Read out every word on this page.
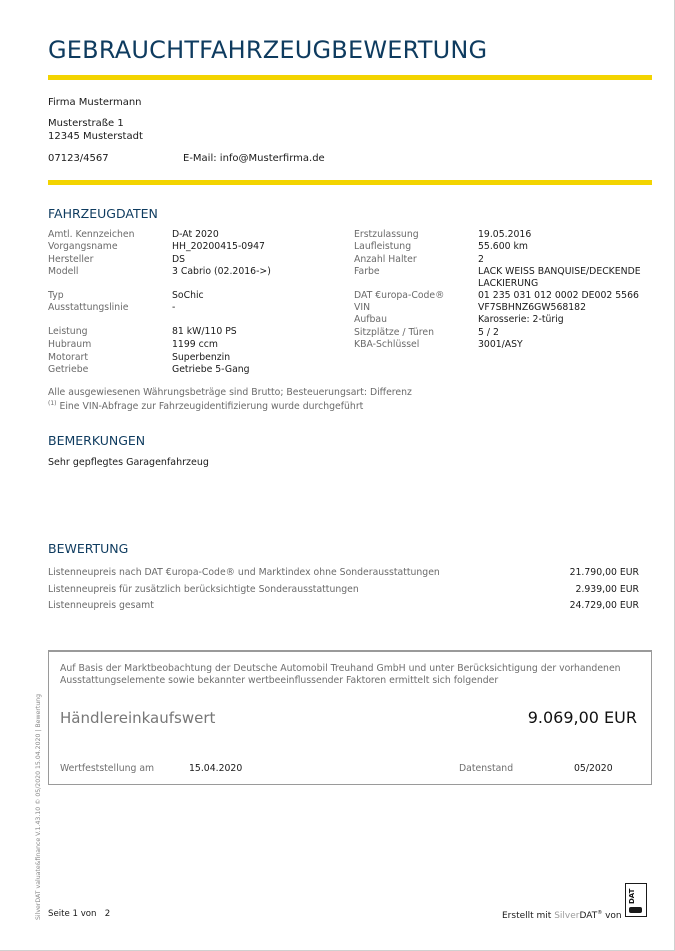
GEBRAUCHTFAHRZEUGBEWERTUNG
Firma Mustermann
Musterstraße 1
12345 Musterstadt
07123/4567	E-Mail: info@Musterfirma.de
FAHRZEUGDATEN
Amtl. Kennzeichen	D-At 2020
Vorgangsname	HH_20200415-0947
Hersteller	DS
Modell	3 Cabrio (02.2016->)
Typ	SoChic
Ausstattungslinie	-
Leistung	81 kW/110 PS
Hubraum	1199 ccm
Motorart	Superbenzin
Getriebe	Getriebe 5-Gang
Erstzulassung	19.05.2016
Laufleistung	55.600 km
Anzahl Halter	2
Farbe	LACK WEISS BANQUISE/DECKENDE
LACKIERUNG
DAT €uropa-Code®	01 235 031 012 0002 DE002 5566
VIN	VF7SBHNZ6GW568182
Aufbau	Karosserie: 2-türig
Sitzplätze / Türen	5 / 2
KBA-Schlüssel	3001/ASY
Alle ausgewiesenen Währungsbeträge sind Brutto; Besteuerungsart: Differenz
$^{(1)}$ Eine VIN-Abfrage zur Fahrzeugidentifizierung wurde durchgeführt
BEMERKUNGEN
Sehr gepflegtes Garagenfahrzeug
BEWERTUNG
Listenneupreis nach DAT €uropa-Code® und Marktindex ohne Sonderausstattungen	21.790,00 EUR
Listenneupreis für zusätzlich berücksichtigte Sonderausstattungen	2.939,00 EUR
Listenneupreis gesamt	24.729,00 EUR
Auf Basis der Marktbeobachtung der Deutsche Automobil Treuhand GmbH und unter Berücksichtigung der vorhandenen
Ausstattungselemente sowie bekannter wertbeeinflussender Faktoren ermittelt sich folgender
Händlereinkaufswert	9.069,00 EUR
Wertfeststellung am	15.04.2020	Datenstand	05/2020
SilverDAT valuate&finance V.1.43.10 © 05/2020 15.04.2020 | Bewertung Seite 1 von 2	Erstellt mit SilverDAT® von
DAT
